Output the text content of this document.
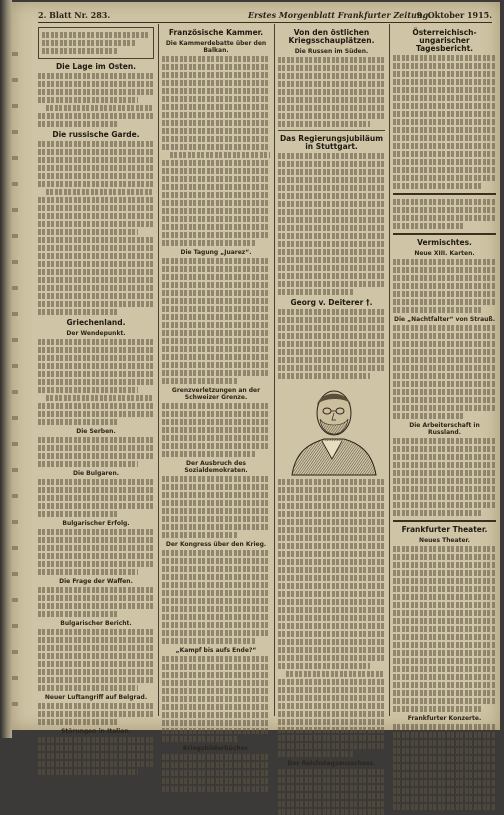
2. Blatt Nr. 283.	Erstes Morgenblatt Frankfurter Zeitung.
9. Oktober 1915.
Die Lage im Osten.
Die russische Garde.
Griechenland.
Der Wendepunkt.
Die Serben.
Die Bulgaren.
Bulgarischer Erfolg.
Die Frage der Waffen.
Bulgarischer Bericht.
Neuer Luftangriff auf Belgrad.
Störungen in Italien.
Französische Kammer.
Die Kammerdebatte über den Balkan.
Die Tagung „Juarez“.
Grenzverletzungen an der Schweizer Grenze.
Der Ausbruch des Sozialdemokraten.
Der Kongress über den Krieg.
„Kampf bis aufs Ende?“
Kriegsbilderbücher.
Von den östlichen Kriegsschauplätzen.
Die Russen im Süden.
Das Regierungsjubiläum in Stuttgart.
Georg v. Deiterer †.
Der Reichstagsausschuss.
Österreichisch-ungarischer Tagesbericht.
Vermischtes.
Neue XIII. Karten.
Die „Nachtfalter“ von Strauß.
Die Arbeiterschaft in Russland.
Frankfurter Theater.
Neues Theater.
Frankfurter Konzerte.
